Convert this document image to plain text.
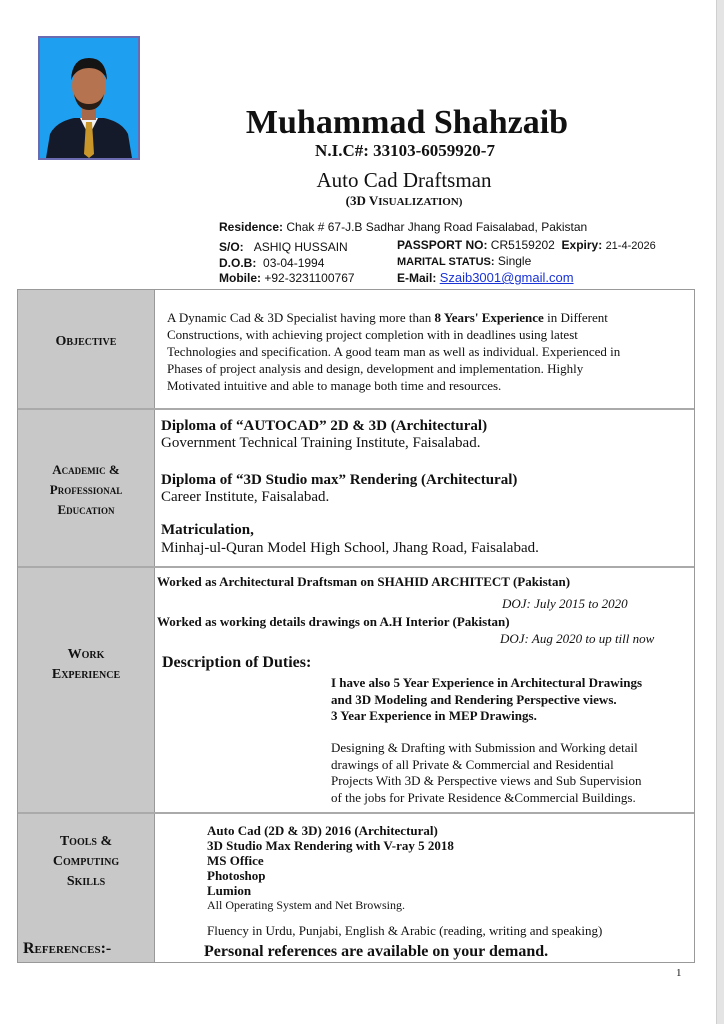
Muhammad Shahzaib
N.I.C#: 33103-6059920-7
Auto Cad Draftsman
(3D VISUALIZATION)
Residence: Chak # 67-J.B Sadhar Jhang Road Faisalabad, Pakistan
S/O: ASHIQ HUSSAIN
D.O.B: 03-04-1994
Mobile: +92-3231100767
PASSPORT NO: CR5159202 Expiry: 21-4-2026
MARITAL STATUS: Single
E-Mail: Szaib3001@gmail.com
Objective
A Dynamic Cad & 3D Specialist having more than 8 Years' Experience in Different
Constructions, with achieving project completion with in deadlines using latest
Technologies and specification. A good team man as well as individual. Experienced in
Phases of project analysis and design, development and implementation. Highly
Motivated intuitive and able to manage both time and resources.
Academic &
Professional
Education
Diploma of “AUTOCAD” 2D & 3D (Architectural)
Government Technical Training Institute, Faisalabad.
Diploma of “3D Studio max” Rendering (Architectural)
Career Institute, Faisalabad.
Matriculation,
Minhaj-ul-Quran Model High School, Jhang Road, Faisalabad.
Work
Experience
Worked as Architectural Draftsman on SHAHID ARCHITECT (Pakistan)
DOJ: July 2015 to 2020
Worked as working details drawings on A.H Interior (Pakistan)
DOJ: Aug 2020 to up till now
Description of Duties:
I have also 5 Year Experience in Architectural Drawings
and 3D Modeling and Rendering Perspective views.
3 Year Experience in MEP Drawings.
Designing & Drafting with Submission and Working detail
drawings of all Private & Commercial and Residential
Projects With 3D & Perspective views and Sub Supervision
of the jobs for Private Residence &Commercial Buildings.
Tools &
Computing
Skills
Auto Cad (2D & 3D) 2016 (Architectural)
3D Studio Max Rendering with V-ray 5 2018
MS Office
Photoshop
Lumion
All Operating System and Net Browsing.
Fluency in Urdu, Punjabi, English & Arabic (reading, writing and speaking)
Personal references are available on your demand.
References:-
1
